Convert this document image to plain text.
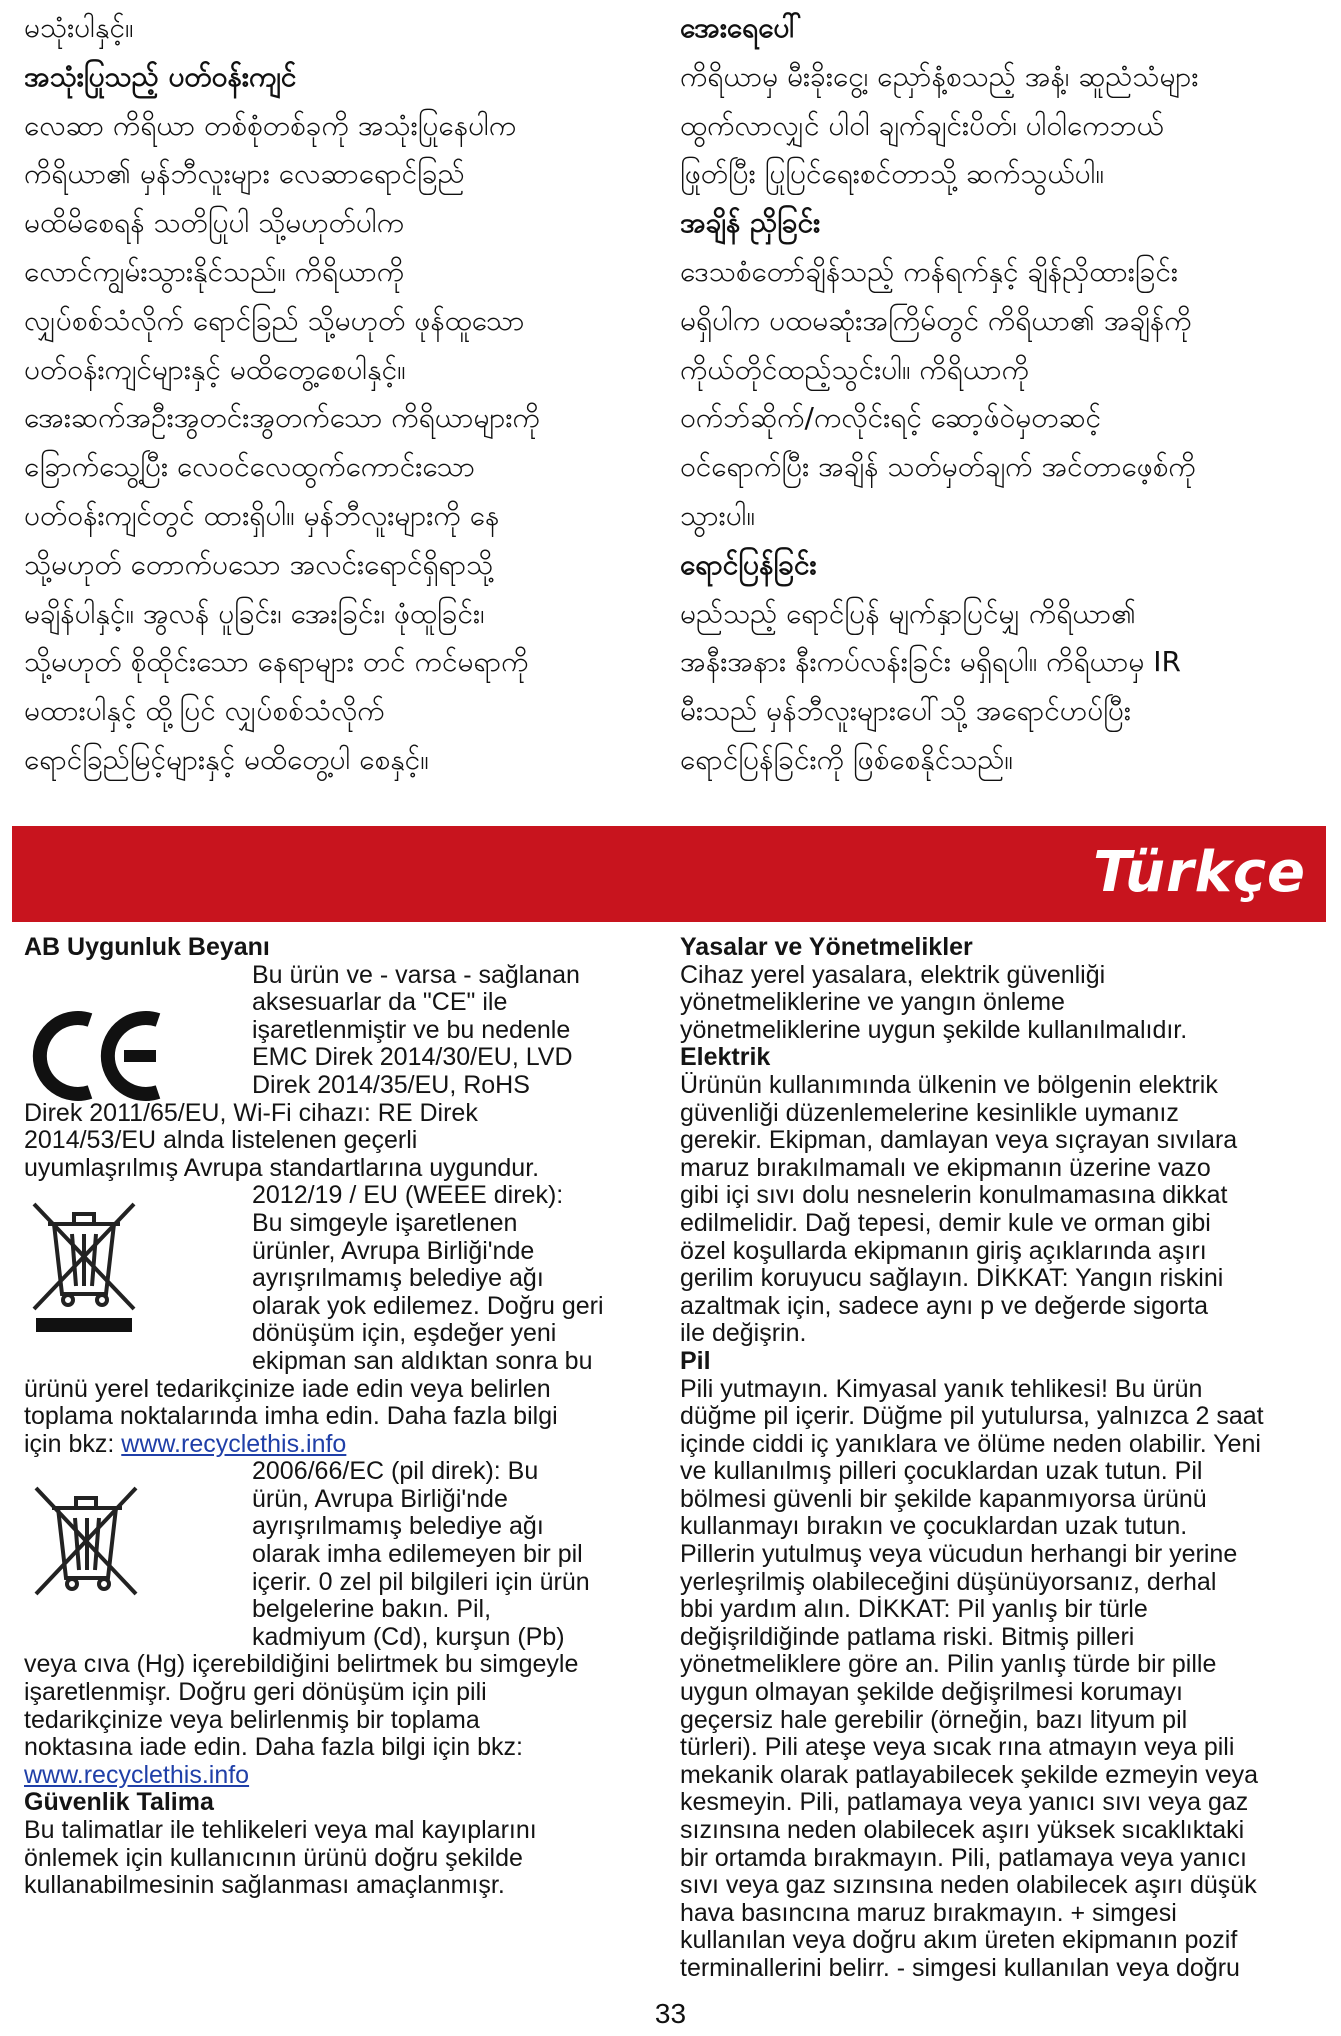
မသုံးပါနှင့်။
အသုံးပြုသည့် ပတ်ဝန်းကျင်
လေဆာ ကိရိယာ တစ်စုံတစ်ခုကို အသုံးပြုနေပါက
ကိရိယာ၏ မှန်ဘီလူးများ လေဆာရောင်ခြည်
မထိမိစေရန် သတိပြုပါ သို့မဟုတ်ပါက
လောင်ကျွမ်းသွားနိုင်သည်။ ကိရိယာကို
လျှပ်စစ်သံလိုက် ရောင်ခြည် သို့မဟုတ် ဖုန်ထူသော
ပတ်ဝန်းကျင်များနှင့် မထိတွေ့စေပါနှင့်။
အေးဆက်အဦးအွတင်းအွတက်သော ကိရိယာများကို
ခြောက်သွေ့ပြီး လေဝင်လေထွက်ကောင်းသော
ပတ်ဝန်းကျင်တွင် ထားရှိပါ။ မှန်ဘီလူးများကို နေ
သို့မဟုတ် တောက်ပသော အလင်းရောင်ရှိရာသို့
မချိန်ပါနှင့်။ အွလန် ပူခြင်း၊ အေးခြင်း၊ ဖုံထူခြင်း၊
သို့မဟုတ် စိုထိုင်းသော နေရာများ တင် ကင်မရာကို
မထားပါနှင့် ထို့ပြင် လျှပ်စစ်သံလိုက်
ရောင်ခြည်မြင့်များနှင့် မထိတွေ့ပါ စေနှင့်။
အေးရေပေါ်
ကိရိယာမှ မီးခိုးငွေ့၊ ညှော်နံ့စသည့် အနံ့၊ ဆူညံသံများ
ထွက်လာလျှင် ပါဝါ ချက်ချင်းပိတ်၊ ပါဝါကေဘယ်
ဖြုတ်ပြီး ပြုပြင်ရေးစင်တာသို့ ဆက်သွယ်ပါ။
အချိန် ညှိခြင်း
ဒေသစံတော်ချိန်သည့် ကန်ရက်နှင့် ချိန်ညှိထားခြင်း
မရှိပါက ပထမဆုံးအကြိမ်တွင် ကိရိယာ၏ အချိန်ကို
ကိုယ်တိုင်ထည့်သွင်းပါ။ ကိရိယာကို
ဝက်ဘ်ဆိုက်/ကလိုင်းရင့် ဆော့ဖ်ဝဲမှတဆင့်
ဝင်ရောက်ပြီး အချိန် သတ်မှတ်ချက် အင်တာဖေ့စ်ကို
သွားပါ။
ရောင်ပြန်ခြင်း
မည်သည့် ရောင်ပြန် မျက်နှာပြင်မျှ ကိရိယာ၏
အနီးအနား နီးကပ်လန်းခြင်း မရှိရပါ။ ကိရိယာမှ IR
မီးသည် မှန်ဘီလူးများပေါ်သို့ အရောင်ဟပ်ပြီး
ရောင်ပြန်ခြင်းကို ဖြစ်စေနိုင်သည်။
Türkçe
AB Uygunluk Beyanı
Bu ürün ve - varsa - sağlanan
aksesuarlar da "CE" ile
işaretlenmiştir ve bu nedenle
EMC Direk 2014/30/EU, LVD
Direk 2014/35/EU, RoHS
Direk 2011/65/EU, Wi-Fi cihazı: RE Direk
2014/53/EU alnda listelenen geçerli
uyumlaşrılmış Avrupa standartlarına uygundur.
2012/19 / EU (WEEE direk):
Bu simgeyle işaretlenen
ürünler, Avrupa Birliği'nde
ayrışrılmamış belediye ağı
olarak yok edilemez. Doğru geri
dönüşüm için, eşdeğer yeni
ekipman san aldıktan sonra bu
ürünü yerel tedarikçinize iade edin veya belirlen
toplama noktalarında imha edin. Daha fazla bilgi
için bkz: www.recyclethis.info
2006/66/EC (pil direk): Bu
ürün, Avrupa Birliği'nde
ayrışrılmamış belediye ağı
olarak imha edilemeyen bir pil
içerir. 0 zel pil bilgileri için ürün
belgelerine bakın. Pil,
kadmiyum (Cd), kurşun (Pb)
veya cıva (Hg) içerebildiğini belirtmek bu simgeyle
işaretlenmişr. Doğru geri dönüşüm için pili
tedarikçinize veya belirlenmiş bir toplama
noktasına iade edin. Daha fazla bilgi için bkz:
www.recyclethis.info
Güvenlik Talima
Bu talimatlar ile tehlikeleri veya mal kayıplarını
önlemek için kullanıcının ürünü doğru şekilde
kullanabilmesinin sağlanması amaçlanmışr.
Yasalar ve Yönetmelikler
Cihaz yerel yasalara, elektrik güvenliği
yönetmeliklerine ve yangın önleme
yönetmeliklerine uygun şekilde kullanılmalıdır.
Elektrik
Ürünün kullanımında ülkenin ve bölgenin elektrik
güvenliği düzenlemelerine kesinlikle uymanız
gerekir. Ekipman, damlayan veya sıçrayan sıvılara
maruz bırakılmamalı ve ekipmanın üzerine vazo
gibi içi sıvı dolu nesnelerin konulmamasına dikkat
edilmelidir. Dağ tepesi, demir kule ve orman gibi
özel koşullarda ekipmanın giriş açıklarında aşırı
gerilim koruyucu sağlayın. DİKKAT: Yangın riskini
azaltmak için, sadece aynı p ve değerde sigorta
ile değişrin.
Pil
Pili yutmayın. Kimyasal yanık tehlikesi! Bu ürün
düğme pil içerir. Düğme pil yutulursa, yalnızca 2 saat
içinde ciddi iç yanıklara ve ölüme neden olabilir. Yeni
ve kullanılmış pilleri çocuklardan uzak tutun. Pil
bölmesi güvenli bir şekilde kapanmıyorsa ürünü
kullanmayı bırakın ve çocuklardan uzak tutun.
Pillerin yutulmuş veya vücudun herhangi bir yerine
yerleşrilmiş olabileceğini düşünüyorsanız, derhal
bbi yardım alın. DİKKAT: Pil yanlış bir türle
değişrildiğinde patlama riski. Bitmiş pilleri
yönetmeliklere göre an. Pilin yanlış türde bir pille
uygun olmayan şekilde değişrilmesi korumayı
geçersiz hale gerebilir (örneğin, bazı lityum pil
türleri). Pili ateşe veya sıcak rına atmayın veya pili
mekanik olarak patlayabilecek şekilde ezmeyin veya
kesmeyin. Pili, patlamaya veya yanıcı sıvı veya gaz
sızınsına neden olabilecek aşırı yüksek sıcaklıktaki
bir ortamda bırakmayın. Pili, patlamaya veya yanıcı
sıvı veya gaz sızınsına neden olabilecek aşırı düşük
hava basıncına maruz bırakmayın. + simgesi
kullanılan veya doğru akım üreten ekipmanın pozif
terminallerini belirr. - simgesi kullanılan veya doğru
33
